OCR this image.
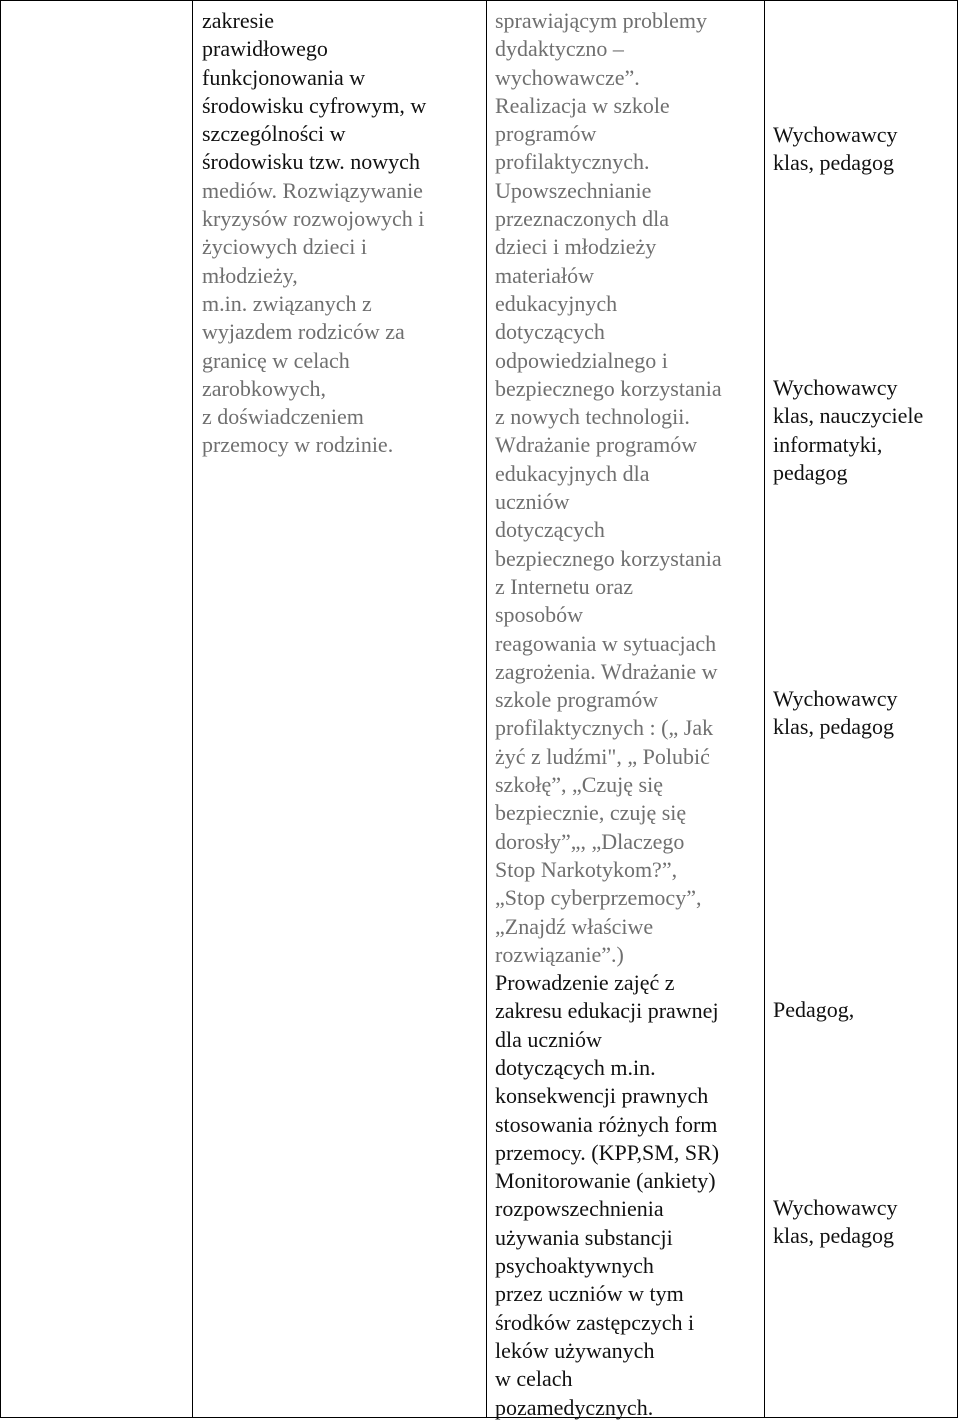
zakresie
prawidłowego
funkcjonowania w
środowisku cyfrowym, w
szczególności w
środowisku tzw. nowych
mediów. Rozwiązywanie
kryzysów rozwojowych i
życiowych dzieci i
młodzieży,
m.in. związanych z
wyjazdem rodziców za
granicę w celach
zarobkowych,
z doświadczeniem
przemocy w rodzinie.
sprawiającym problemy
dydaktyczno –
wychowawcze”.
Realizacja w szkole
programów
profilaktycznych.
Upowszechnianie
przeznaczonych dla
dzieci i młodzieży
materiałów
edukacyjnych
dotyczących
odpowiedzialnego i
bezpiecznego korzystania
z nowych technologii.
Wdrażanie programów
edukacyjnych dla
uczniów
dotyczących
bezpiecznego korzystania
z Internetu oraz
sposobów
reagowania w sytuacjach
zagrożenia. Wdrażanie w
szkole programów
profilaktycznych : („ Jak
żyć z ludźmi", „ Polubić
szkołę”, „Czuję się
bezpiecznie, czuję się
dorosły”„, „Dlaczego
Stop Narkotykom?”,
„Stop cyberprzemocy”,
„Znajdź właściwe
rozwiązanie”.)
Prowadzenie zajęć z
zakresu edukacji prawnej
dla uczniów
dotyczących m.in.
konsekwencji prawnych
stosowania różnych form
przemocy. (KPP,SM, SR)
Monitorowanie (ankiety)
rozpowszechnienia
używania substancji
psychoaktywnych
przez uczniów w tym
środków zastępczych i
leków używanych
w celach
pozamedycznych.
Wychowawcy
klas, pedagog
Wychowawcy
klas, nauczyciele
informatyki,
pedagog
Wychowawcy
klas, pedagog
Pedagog,
Wychowawcy
klas, pedagog
